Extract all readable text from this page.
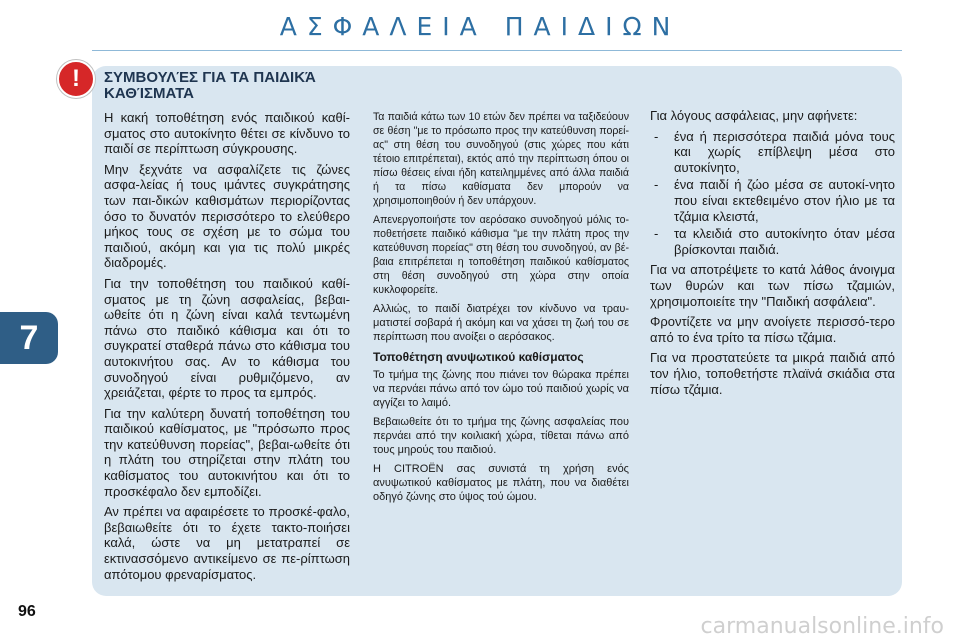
ΑΣΦΑΛΕΙΑ ΠΑΙΔΙΩΝ
7
!	ΣΥΜΒΟΥΛΈΣ ΓΙΑ ΤΑ ΠΑΙΔΙΚΆ ΚΑΘΊΣΜΑΤΑ

Η κακή τοποθέτηση ενός παιδικού καθί-σματος στο αυτοκίνητο θέτει σε κίνδυνο το παιδί σε περίπτωση σύγκρουσης.

Μην ξεχνάτε να ασφαλίζετε τις ζώνες ασφα-λείας ή τους ιμάντες συγκράτησης των παι-δικών καθισμάτων περιορίζοντας όσο το δυνατόν περισσότερο το ελεύθερο μήκος τους σε σχέση με το σώμα του παιδιού, ακόμη και για τις πολύ μικρές διαδρομές.

Για την τοποθέτηση του παιδικού καθί-σματος με τη ζώνη ασφαλείας, βεβαι-ωθείτε ότι η ζώνη είναι καλά τεντωμένη πάνω στο παιδικό κάθισμα και ότι το συγκρατεί σταθερά πάνω στο κάθισμα του αυτοκινήτου σας. Αν το κάθισμα του συνοδηγού είναι ρυθμιζόμενο, αν χρειάζεται, φέρτε το προς τα εμπρός.

Για την καλύτερη δυνατή τοποθέτηση του παιδικού καθίσματος, με "πρόσωπο προς την κατεύθυνση πορείας", βεβαι-ωθείτε ότι η πλάτη του στηρίζεται στην πλάτη του καθίσματος του αυτοκινήτου και ότι το προσκέφαλο δεν εμποδίζει.

Αν πρέπει να αφαιρέσετε το προσκέ-φαλο, βεβαιωθείτε ότι το έχετε τακτο-ποιήσει καλά, ώστε να μη μετατραπεί σε εκτινασσόμενο αντικείμενο σε πε-ρίπτωση απότομου φρεναρίσματος.

Τα παιδιά κάτω των 10 ετών δεν πρέπει να ταξιδεύουν σε θέση "με το πρόσωπο προς την κατεύθυνση πορεί-ας" στη θέση του συνοδηγού (στις χώρες που κάτι τέτοιο επιτρέπεται), εκτός από την περίπτωση όπου οι πίσω θέσεις είναι ήδη κατειλημμένες από άλλα παιδιά ή τα πίσω καθίσματα δεν μπορούν να χρησιμοποιηθούν ή δεν υπάρχουν.

Απενεργοποιήστε τον αερόσακο συνοδηγού μόλις το-ποθετήσετε παιδικό κάθισμα "με την πλάτη προς την κατεύθυνση πορείας" στη θέση του συνοδηγού, αν βέ-βαια επιτρέπεται η τοποθέτηση παιδικού καθίσματος στη θέση συνοδηγού στη χώρα στην οποία κυκλοφορείτε.

Αλλιώς, το παιδί διατρέχει τον κίνδυνο να τραυ-ματιστεί σοβαρά ή ακόμη και να χάσει τη ζωή του σε περίπτωση που ανοίξει ο αερόσακος.

Τοποθέτηση ανυψωτικού καθίσματος

Το τμήμα της ζώνης που πιάνει τον θώρακα πρέπει να περνάει πάνω από τον ώμο τού παιδιού χωρίς να αγγίζει το λαιμό.

Βεβαιωθείτε ότι το τμήμα της ζώνης ασφαλείας που περνάει από την κοιλιακή χώρα, τίθεται πάνω από τους μηρούς του παιδιού.

Η CITROËN σας συνιστά τη χρήση ενός ανυψωτικού καθίσματος με πλάτη, που να διαθέτει οδηγό ζώνης στο ύψος τού ώμου.

Για λόγους ασφάλειας, μην αφήνετε:

- ένα ή περισσότερα παιδιά μόνα τους και χωρίς επίβλεψη μέσα στο αυτοκίνητο,
- ένα παιδί ή ζώο μέσα σε αυτοκί-νητο που είναι εκτεθειμένο στον ήλιο με τα τζάμια κλειστά,
- τα κλειδιά στο αυτοκίνητο όταν μέσα βρίσκονται παιδιά.

Για να αποτρέψετε το κατά λάθος άνοιγμα των θυρών και των πίσω τζαμιών, χρησιμοποιείτε την "Παιδική ασφάλεια".

Φροντίζετε να μην ανοίγετε περισσό-τερο από το ένα τρίτο τα πίσω τζάμια.

Για να προστατεύετε τα μικρά παιδιά από τον ήλιο, τοποθετήστε πλαϊνά σκιάδια στα πίσω τζάμια.

96
carmanualsonline.info
